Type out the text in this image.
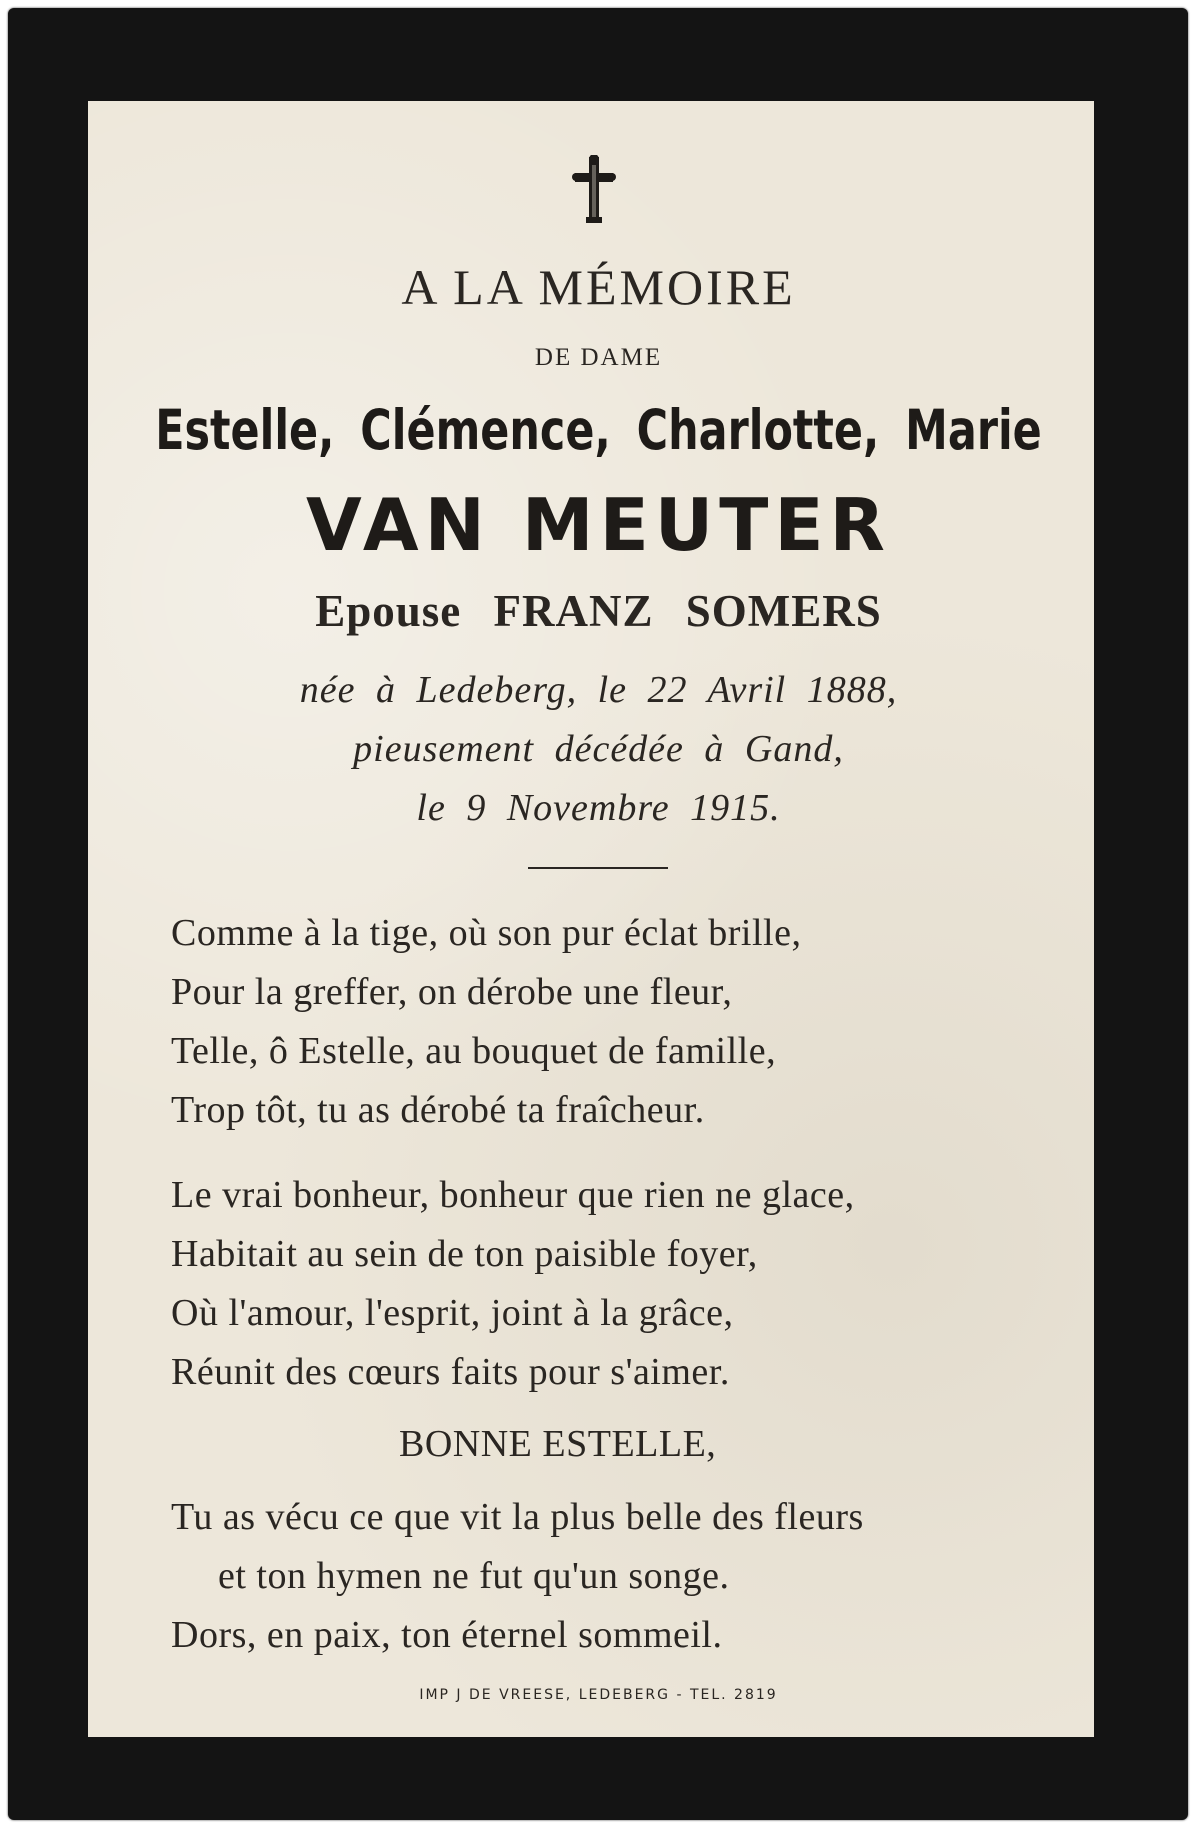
A LA MÉMOIRE
DE DAME
Estelle, Clémence, Charlotte, Marie
VAN MEUTER
Epouse FRANZ SOMERS
née à Ledeberg, le 22 Avril 1888,
pieusement décédée à Gand,
le 9 Novembre 1915.
Comme à la tige, où son pur éclat brille,
Pour la greffer, on dérobe une fleur,
Telle, ô Estelle, au bouquet de famille,
Trop tôt, tu as dérobé ta fraîcheur.
Le vrai bonheur, bonheur que rien ne glace,
Habitait au sein de ton paisible foyer,
Où l'amour, l'esprit, joint à la grâce,
Réunit des cœurs faits pour s'aimer.
BONNE ESTELLE,
Tu as vécu ce que vit la plus belle des fleurs
et ton hymen ne fut qu'un songe.
Dors, en paix, ton éternel sommeil.
IMP J DE VREESE, LEDEBERG - TEL. 2819
